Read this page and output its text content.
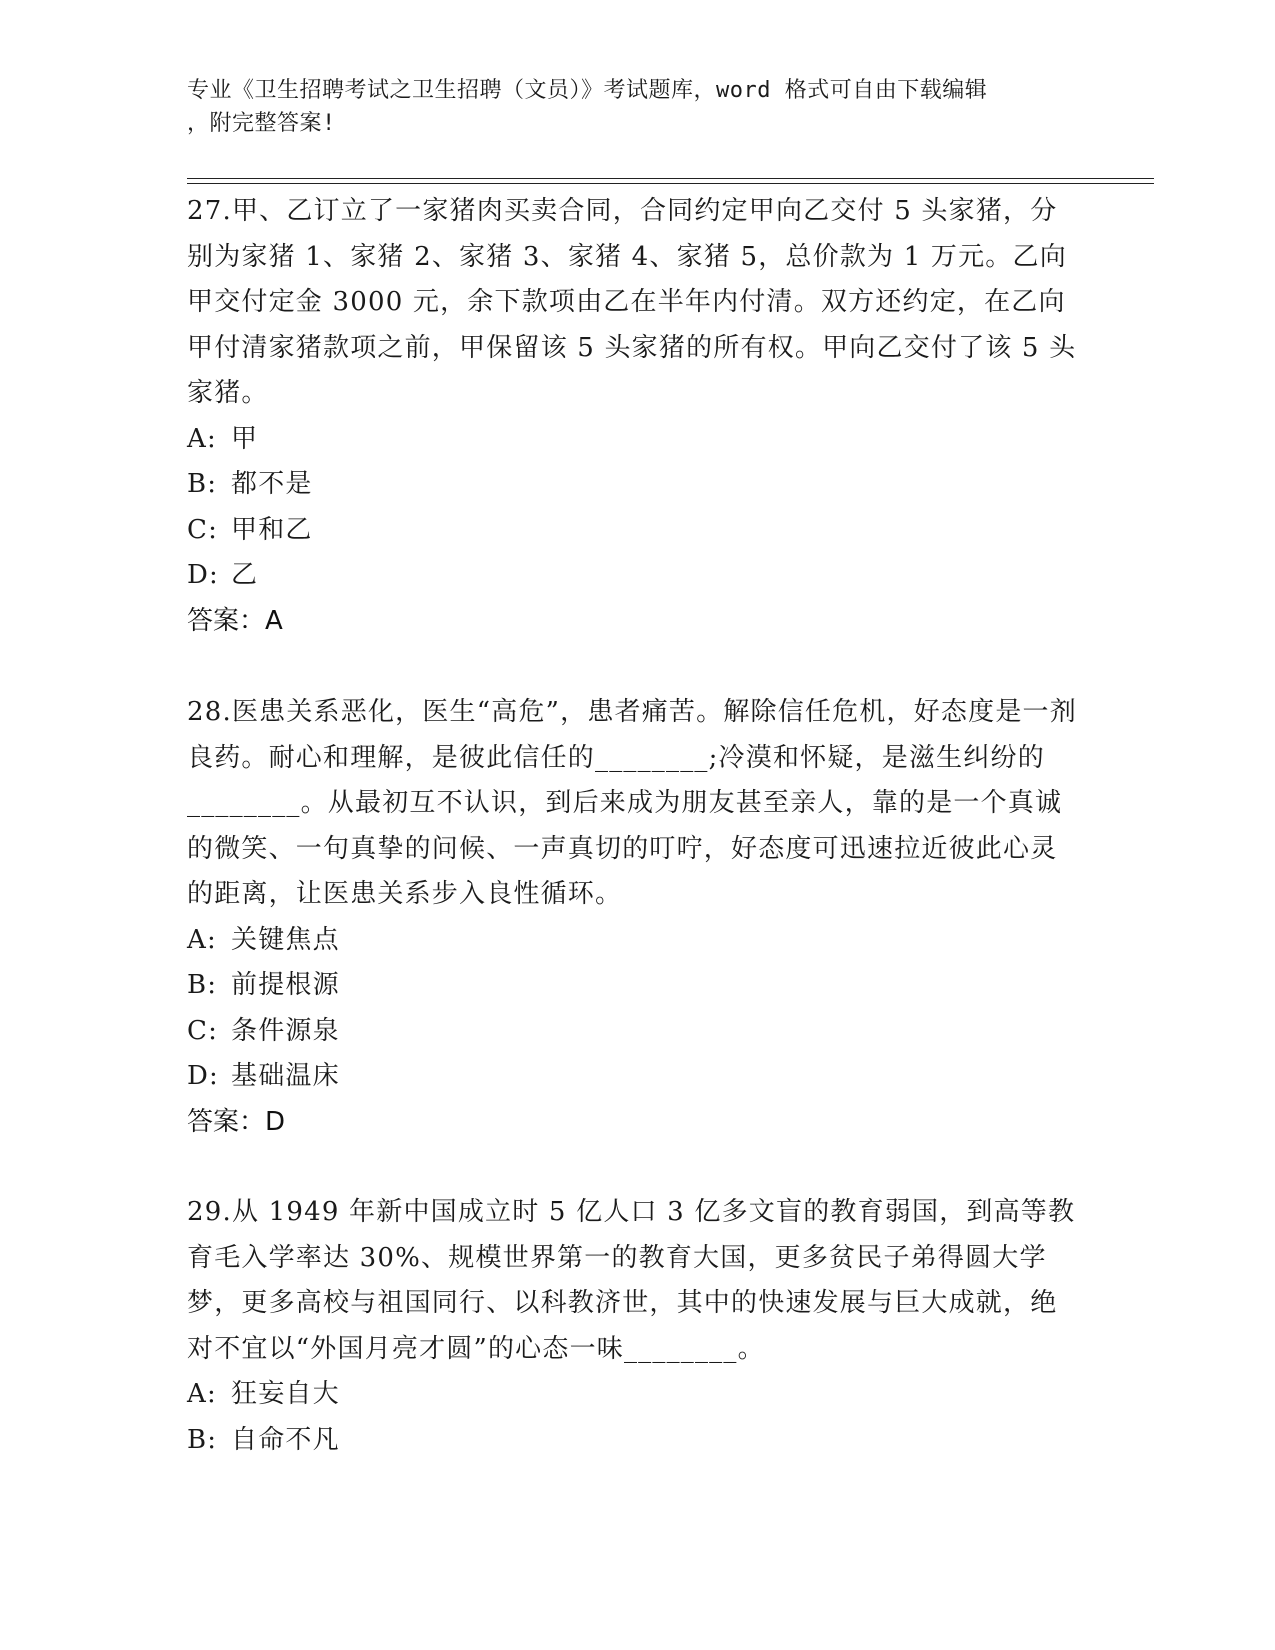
专业《卫生招聘考试之卫生招聘（文员）》考试题库，word 格式可自由下载编辑
，附完整答案!

27.甲、乙订立了一家猪肉买卖合同，合同约定甲向乙交付 5 头家猪，分别为家猪 1、家猪 2、家猪 3、家猪 4、家猪 5，总价款为 1 万元。乙向甲交付定金 3000 元，余下款项由乙在半年内付清。双方还约定，在乙向甲付清家猪款项之前，甲保留该 5 头家猪的所有权。甲向乙交付了该 5 头家猪。

A: 甲

B: 都不是

C: 甲和乙

D: 乙

答案：A

28.医患关系恶化，医生“高危”，患者痛苦。解除信任危机，好态度是一剂良药。耐心和理解，是彼此信任的________;冷漠和怀疑，是滋生纠纷的________。从最初互不认识，到后来成为朋友甚至亲人，靠的是一个真诚的微笑、一句真挚的问候、一声真切的叮咛，好态度可迅速拉近彼此心灵的距离，让医患关系步入良性循环。

A: 关键焦点

B: 前提根源

C: 条件源泉

D: 基础温床

答案：D

29.从 1949 年新中国成立时 5 亿人口 3 亿多文盲的教育弱国，到高等教育毛入学率达 30%、规模世界第一的教育大国，更多贫民子弟得圆大学梦，更多高校与祖国同行、以科教济世，其中的快速发展与巨大成就，绝对不宜以“外国月亮才圆”的心态一味________。

A: 狂妄自大

B: 自命不凡
